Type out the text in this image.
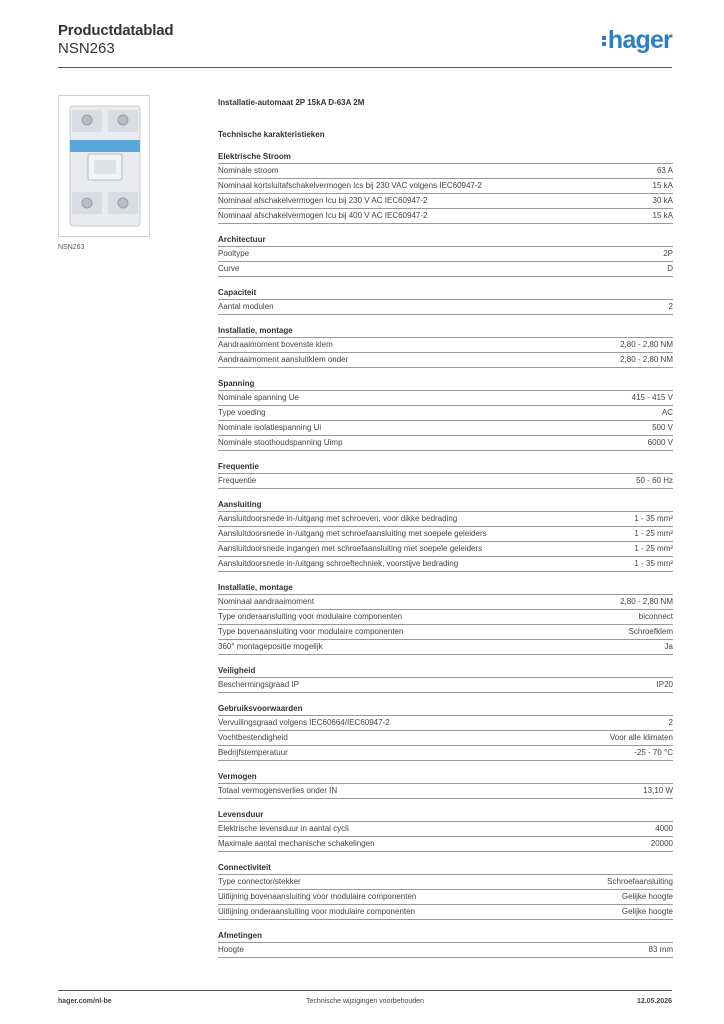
Productdatablad
NSN263	hager
NSN263
Installatie-automaat 2P 15kA D-63A 2M
Technische karakteristieken
Elektrische Stroom
Nominale stroom	63 A
Nominaal kortsluitafschakelvermogen Ics bij 230 VAC volgens IEC60947-2	15 kA
Nominaal afschakelvermogen Icu bij 230 V AC IEC60947-2	30 kA
Nominaal afschakelvermogen Icu bij 400 V AC IEC60947-2	15 kA
Architectuur
Pooltype	2P
Curve	D
Capaciteit
Aantal modulen	2
Installatie, montage
Aandraaimoment bovenste klem	2,80 - 2,80 NM
Aandraaimoment aansluitklem onder	2,80 - 2,80 NM
Spanning
Nominale spanning Ue	415 - 415 V
Type voeding	AC
Nominale isolatiespanning Ui	500 V
Nominale stoothoudspanning Uimp	6000 V
Frequentie
Frequentie	50 - 60 Hz
Aansluiting
Aansluitdoorsnede in-/uitgang met schroeven, voor dikke bedrading	1 - 35 mm²
Aansluitdoorsnede in-/uitgang met schroefaansluiting met soepele geleiders	1 - 25 mm²
Aansluitdoorsnede ingangen met schroefaansluiting met soepele geleiders	1 - 25 mm²
Aansluitdoorsnede in-/uitgang schroeftechniek, voorstijve bedrading	1 - 35 mm²
Installatie, montage
Nominaal aandraaimoment	2,80 - 2,80 NM
Type onderaansluiting voor modulaire componenten	biconnect
Type bovenaansluiting voor modulaire componenten	Schroefklem
360° montagepositie mogelijk	Ja
Veiligheid
Beschermingsgraad IP	IP20
Gebruiksvoorwaarden
Vervuilingsgraad volgens IEC60664/IEC60947-2	2
Vochtbestendigheid	Voor alle klimaten
Bedrijfstemperatuur	-25 - 70 °C
Vermogen
Totaal vermogensverlies onder IN	13,10 W
Levensduur
Elektrische levensduur in aantal cycli	4000
Maximale aantal mechanische schakelingen	20000
Connectiviteit
Type connector/stekker	Schroefaansluiting
Uitlijning bovenaansluiting voor modulaire componenten	Gelijke hoogte
Uitlijning onderaansluiting voor modulaire componenten	Gelijke hoogte
Afmetingen
Hoogte	83 mm
hager.com/nl-be	Technische wijzigingen voorbehouden	12.05.2026
